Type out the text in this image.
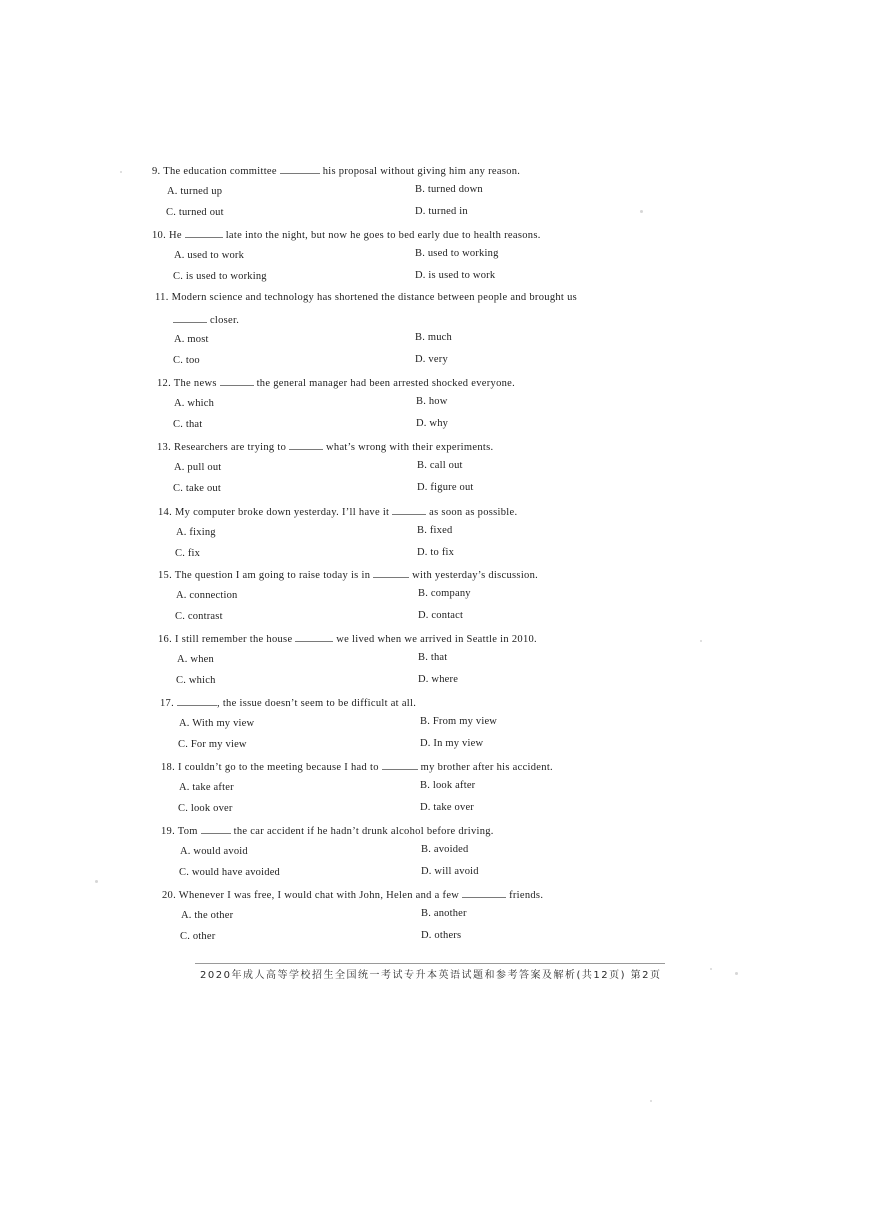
9. The education committee	his proposal without giving him any reason.
A. turned up	B. turned down
C. turned out	D. turned in
10. He	late into the night, but now he goes to bed early due to health reasons.
A. used to work	B. used to working
C. is used to working	D. is used to work
11. Modern science and technology has shortened the distance between people and brought us
closer.
A. most	B. much
C. too	D. very
12. The news	the general manager had been arrested shocked everyone.
A. which	B. how
C. that	D. why
13. Researchers are trying to	what’s wrong with their experiments.
A. pull out	B. call out
C. take out	D. figure out
14. My computer broke down yesterday. I’ll have it	as soon as possible.
A. fixing	B. fixed
C. fix	D. to fix
15. The question I am going to raise today is in	with yesterday’s discussion.
A. connection	B. company
C. contrast	D. contact
16. I still remember the house	we lived when we arrived in Seattle in 2010.
A. when	B. that
C. which	D. where
17.	, the issue doesn’t seem to be difficult at all.
A. With my view	B. From my view
C. For my view	D. In my view
18. I couldn’t go to the meeting because I had to	my brother after his accident.
A. take after	B. look after
C. look over	D. take over
19. Tom	the car accident if he hadn’t drunk alcohol before driving.
A. would avoid	B. avoided
C. would have avoided	D. will avoid
20. Whenever I was free, I would chat with John, Helen and a few	friends.
A. the other	B. another
C. other	D. others
2020年成人高等学校招生全国统一考试专升本英语试题和参考答案及解析(共12页) 第2页
